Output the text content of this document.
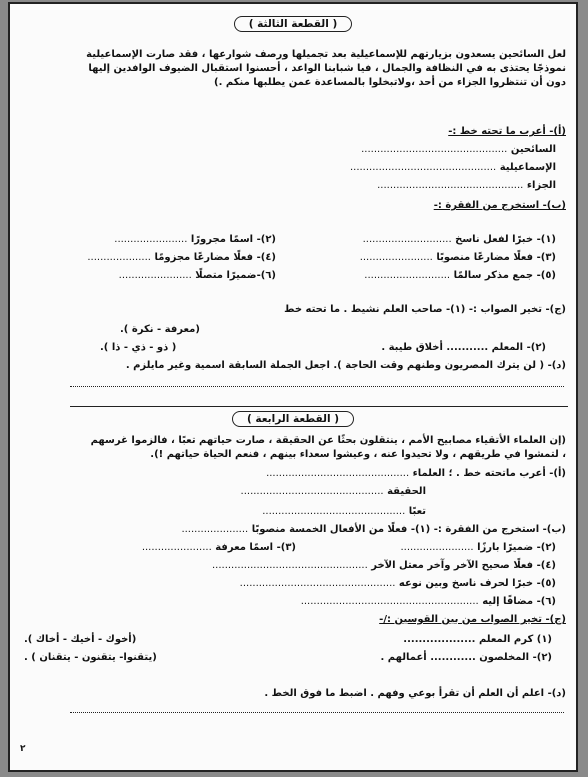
( القطعة الثالثة )
لعل السائحين يسعدون بزيارتهم للإسماعيلية بعد تجميلها ورصف شوارعها ، فقد صارت الإسماعيلية
نموذجًا يحتذى به في النظافة والجمال ، فيا شبابنا الواعد ، أحسنوا استقبال الضيوف الوافدين إليها
دون أن تنتظروا الجزاء من أحد ،ولاتبخلوا بالمساعدة عمن يطلبها منكم .)
(أ)- أعرب ما تحته خط :-
السائحين ..............................................
الإسماعيلية ..............................................
الجزاء ..............................................
(ب)- استخرج من الفقرة :-
(١)- خبرًا لفعل ناسخ ............................
(٢)- اسمًا مجرورًا .......................
(٣)- فعلًا مضارعًا منصوبًا .......................
(٤)- فعلًا مضارعًا مجزومًا ....................
(٥)- جمع مذكر سالمًا ...........................
(٦)-ضميرًا متصلًا .......................
(ج)- تخير الصواب :- (١)- صاحب العلم نشيط . ما تحته خط
(معرفة - نكرة ).
(٢)- المعلم ........... أخلاق طيبة .
( ذو - ذي - ذا ).
(د)- ( لن يترك المصريون وطنهم وقت الحاجة ). اجعل الجملة السابقة اسمية وغير مايلزم .
( القطعة الرابعة )
(إن العلماء الأتقياء مصابيح الأمم ، ينتقلون بحثًا عن الحقيقة ، صارت حياتهم تعبًا ، فالزموا غرسهم
، لتمشوا في طريقهم ، ولا تحيدوا عنه ، وعيشوا سعداء بينهم ، فنعم الحياة حياتهم !).
(أ)- أعرب ماتحته خط . ؛ العلماء .............................................
الحقيقة .............................................
تعبًا .............................................
(ب)- استخرج من الفقرة :- (١)- فعلًا من الأفعال الخمسة منصوبًا .....................
(٢)- ضميرًا بارزًا .......................
(٣)- اسمًا معرفة ......................
(٤)- فعلًا صحيح الآخر وآخر معتل الآخر .................................................
(٥)- خبرًا لحرف ناسخ وبين نوعه .................................................
(٦)- مضافًا إليه ........................................................
(ج)- تخير الصواب من بين القوسين :/-
(١) كرم المعلم ...................
(أخوك - أخيك - أخاك ).
(٢)- المخلصون ............ أعمالهم .
(يتقنوا- يتقنون - يتقنان ) .
(د)- اعلم أن العلم أن تقرأ بوعي وفهم . اضبط ما فوق الخط .
٢
